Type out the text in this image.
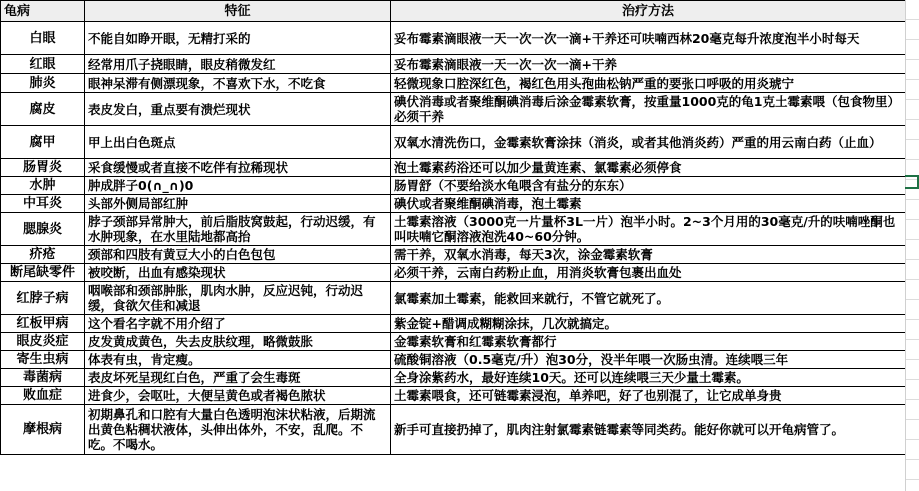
龟病	特征	治疗方法
白眼	不能自如睁开眼，无精打采的	妥布霉素滴眼液一天一次一次一滴+干养还可呋喃西林20毫克每升浓度泡半小时每天
红眼	经常用爪子挠眼睛，眼皮稍微发红	妥布霉素滴眼液一天一次一次一滴+干养
肺炎	眼神呆滞有侧漂现象，不喜欢下水，不吃食	轻微现象口腔深红色，褐红色用头孢曲松钠严重的要张口呼吸的用炎琥宁
腐皮	表皮发白，重点要有溃烂现状	碘伏消毒或者聚维酮碘消毒后涂金霉素软膏，按重量1000克的龟1克土霉素喂（包食物里）必须干养
腐甲	甲上出白色斑点	双氧水清洗伤口，金霉素软膏涂抹（消炎，或者其他消炎药）严重的用云南白药（止血）
肠胃炎	采食缓慢或者直接不吃伴有拉稀现状	泡土霉素药浴还可以加少量黄连素、氯霉素必须停食
水肿	肿成胖子0(∩_∩)0	肠胃舒（不要给淡水龟喂含有盐分的东东）
中耳炎	头部外侧局部红肿	碘伏或者聚维酮碘消毒，泡土霉素
腮腺炎	脖子颈部异常肿大，前后脂肢窝鼓起，行动迟缓，有水肿现象，在水里陆地都高抬	土霉素溶液（3000克一片量杯3L一片）泡半小时。2~3个月用的30毫克/升的呋喃唑酮也叫呋喃它酮溶液泡洗40~60分钟。
疥疮	颈部和四肢有黄豆大小的白色包包	需干养，双氧水消毒，每天3次，涂金霉素软膏
断尾缺零件	被咬断，出血有感染现状	必须干养，云南白药粉止血，用消炎软膏包裹出血处
红脖子病	咽喉部和颈部肿胀，肌肉水肿，反应迟钝，行动迟缓，食欲欠佳和减退	氯霉素加土霉素，能救回来就行，不管它就死了。
红板甲病	这个看名字就不用介绍了	紫金锭+醋调成糊糊涂抹，几次就搞定。
眼皮炎症	皮发黄成黄色，失去皮肤纹理，略微鼓胀	金霉素软膏和红霉素软膏都行
寄生虫病	体表有虫，肯定瘦。	硫酸铜溶液（0.5毫克/升）泡30分，没半年喂一次肠虫清。连续喂三年
毒菌病	表皮坏死呈现红白色，严重了会生毒斑	全身涂紫药水，最好连续10天。还可以连续喂三天少量土霉素。
败血症	进食少，会呕吐，大便呈黄色或者褐色脓状	土霉素喂食，还可链霉素浸泡，单养吧，好了也别混了，让它成单身贵
摩根病	初期鼻孔和口腔有大量白色透明泡沫状粘液，后期流出黄色粘稠状液体，头伸出体外，不安，乱爬。不吃。不喝水。	新手可直接扔掉了，肌肉注射氯霉素链霉素等同类药。能好你就可以开龟病管了。
